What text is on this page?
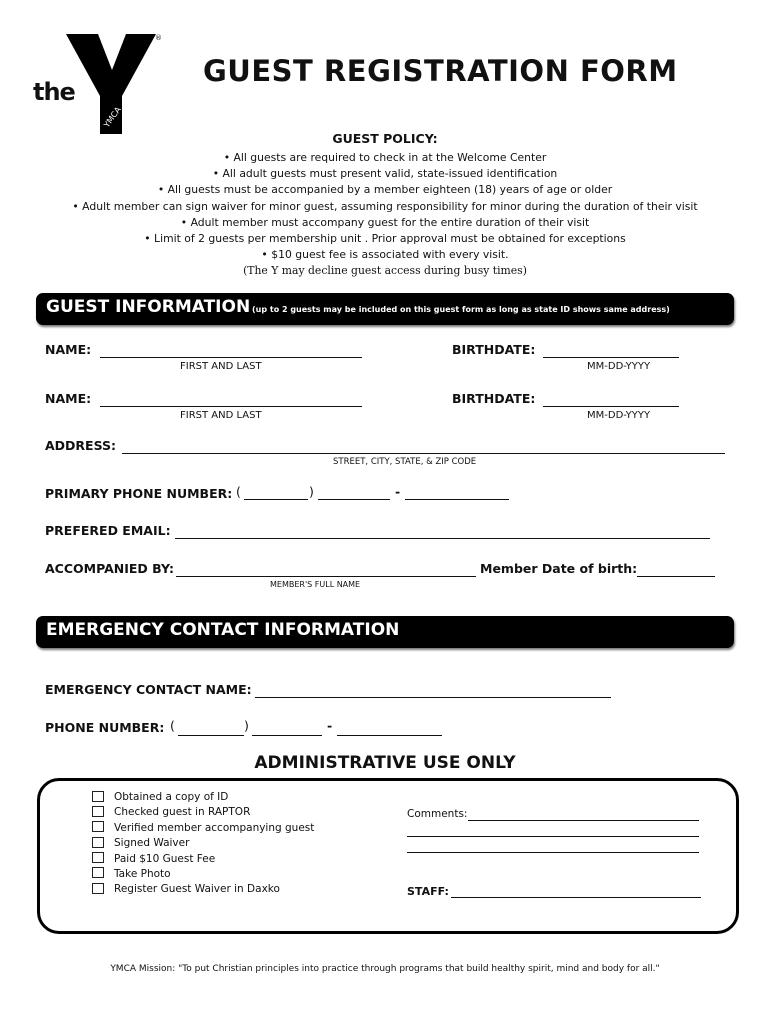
the
YMCA
®
GUEST REGISTRATION FORM
GUEST POLICY:
• All guests are required to check in at the Welcome Center
• All adult guests must present valid, state-issued identification
• All guests must be accompanied by a member eighteen (18) years of age or older
• Adult member can sign waiver for minor guest, assuming responsibility for minor during the duration of their visit
• Adult member must accompany guest for the entire duration of their visit
• Limit of 2 guests per membership unit . Prior approval must be obtained for exceptions
• $10 guest fee is associated with every visit.
(The Y may decline guest access during busy times)
GUEST INFORMATION (up to 2 guests may be included on this guest form as long as state ID shows same address)
NAME:
FIRST AND LAST
BIRTHDATE:
MM-DD-YYYY
NAME:
FIRST AND LAST
BIRTHDATE:
MM-DD-YYYY
ADDRESS:
STREET, CITY, STATE, & ZIP CODE
PRIMARY PHONE NUMBER: (	)	-
PREFERED EMAIL:
ACCOMPANIED BY:
MEMBER'S FULL NAME
Member Date of birth:
EMERGENCY CONTACT INFORMATION
EMERGENCY CONTACT NAME:
PHONE NUMBER: (	)	-
ADMINISTRATIVE USE ONLY
Obtained a copy of ID
Checked guest in RAPTOR
Verified member accompanying guest
Signed Waiver
Paid $10 Guest Fee
Take Photo
Register Guest Waiver in Daxko
Comments:
STAFF:
YMCA Mission: "To put Christian principles into practice through programs that build healthy spirit, mind and body for all."
